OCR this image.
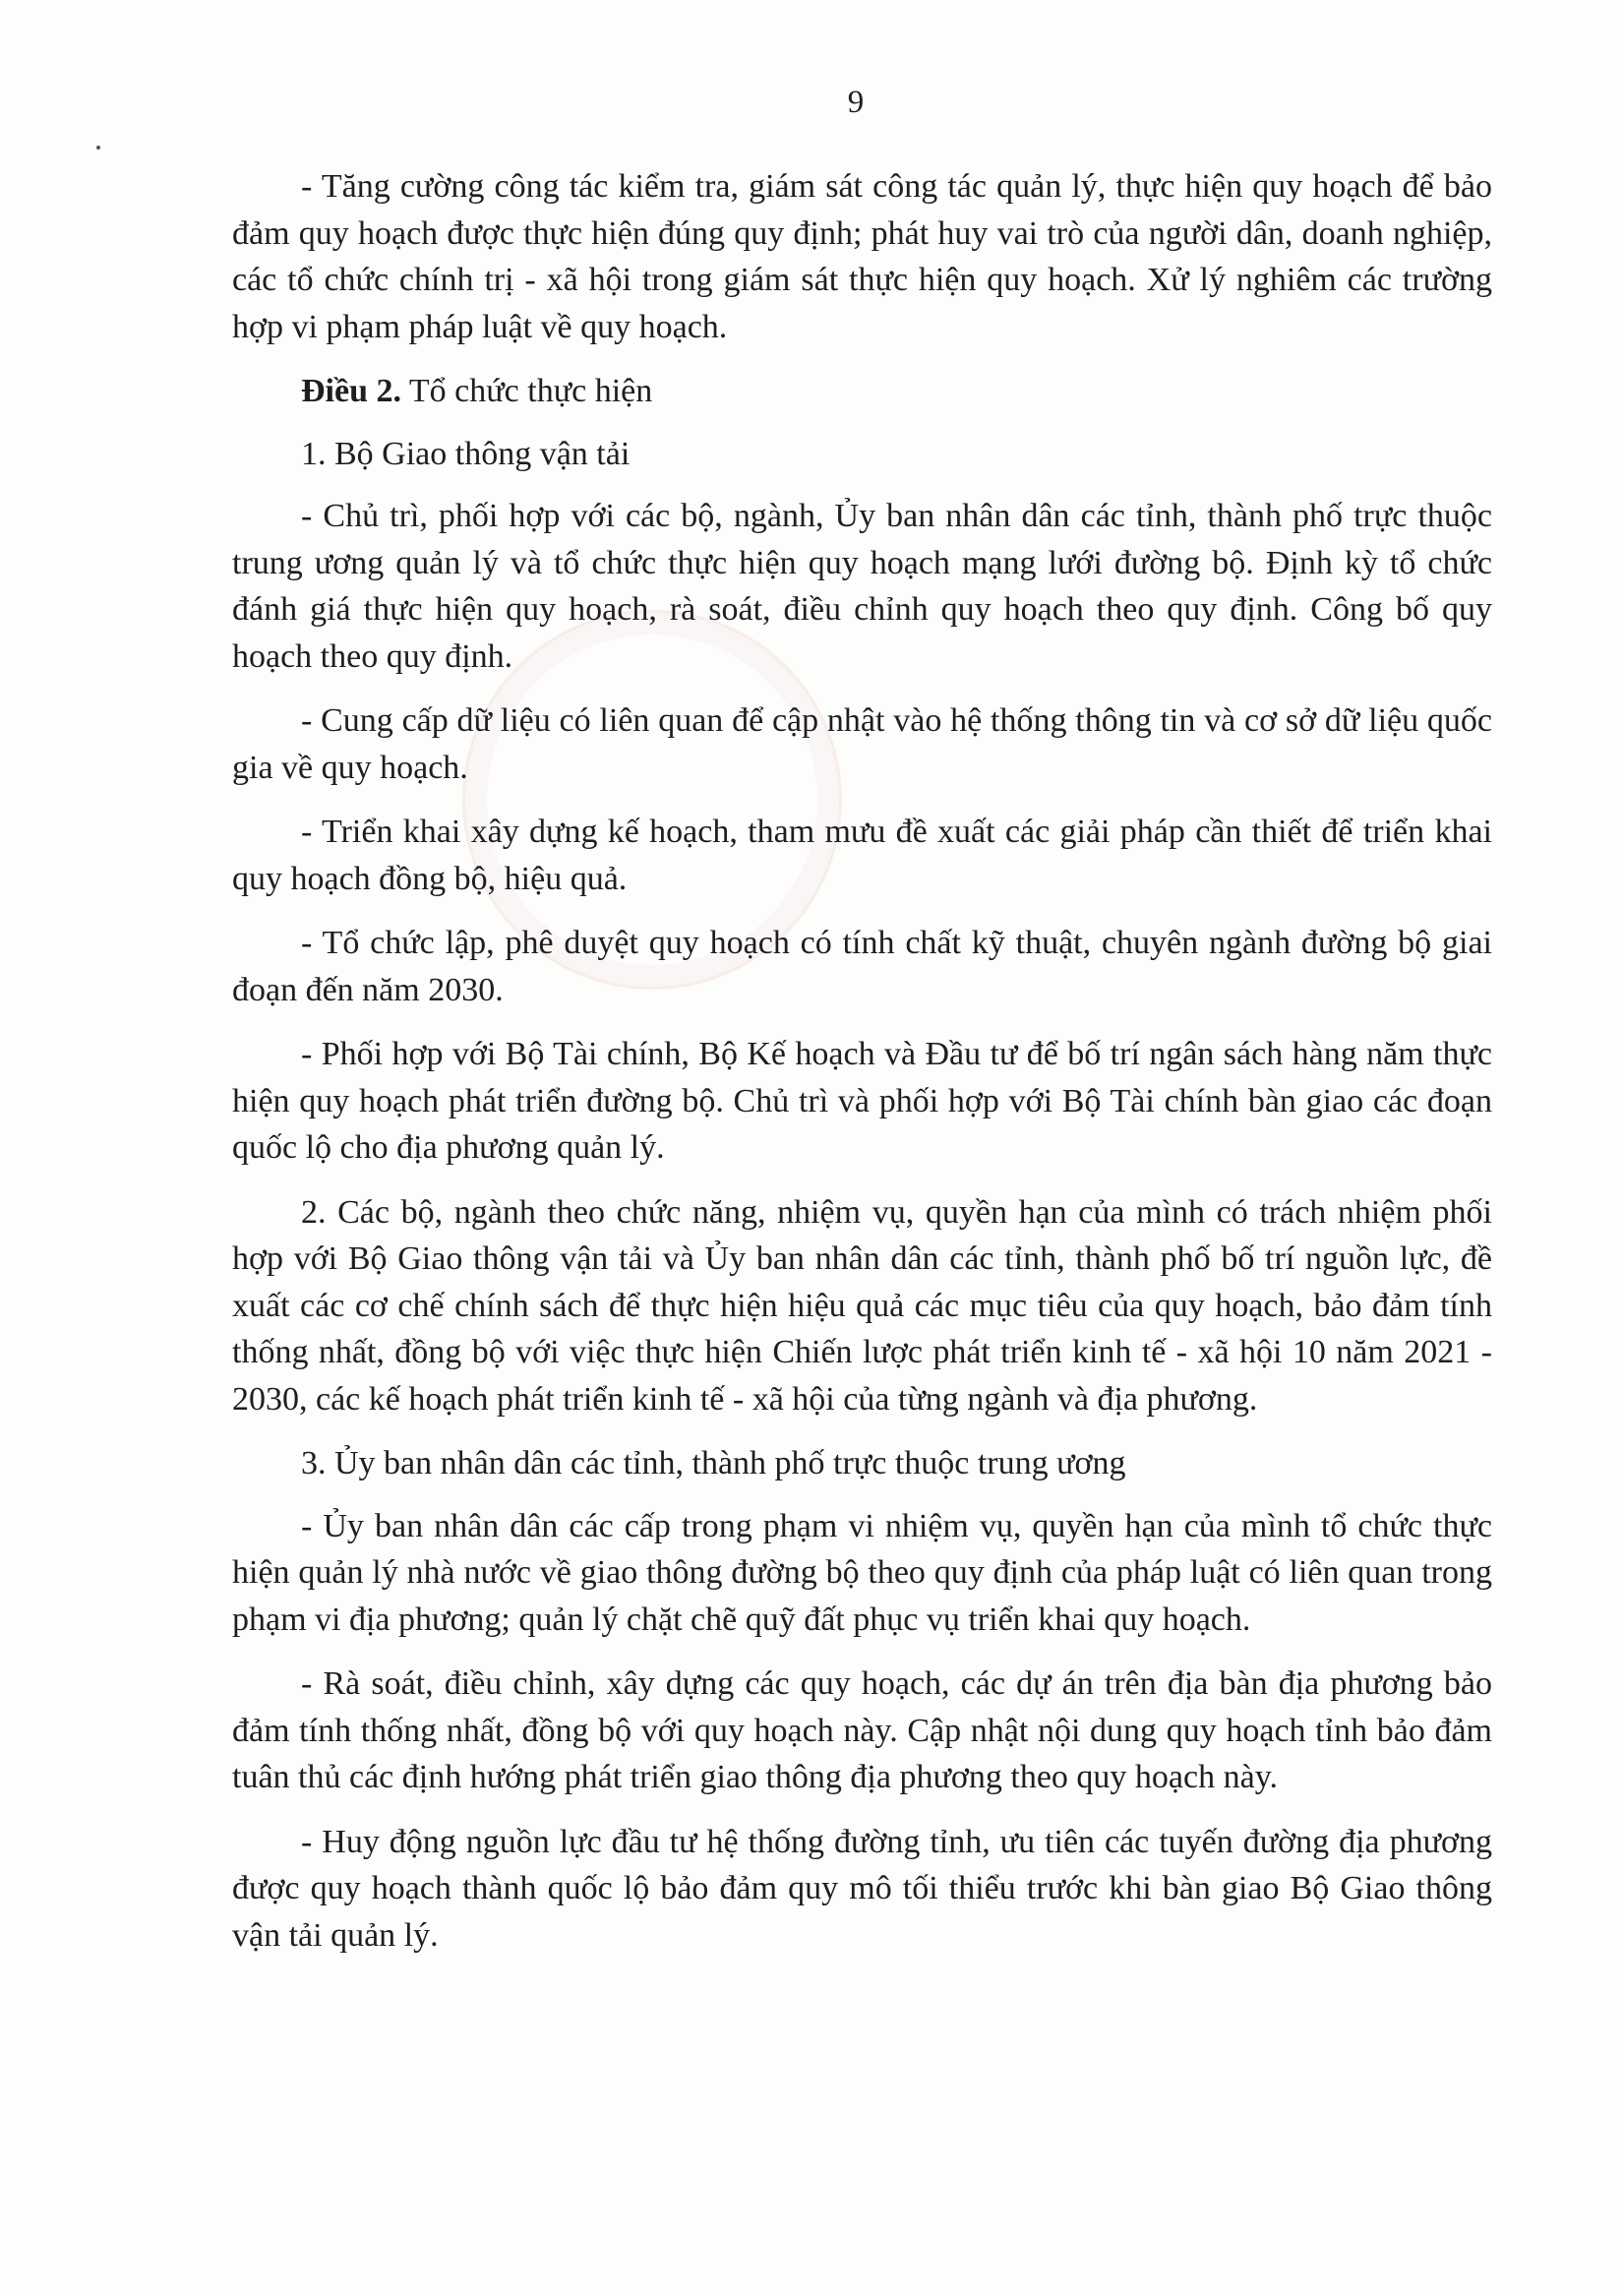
9

- Tăng cường công tác kiểm tra, giám sát công tác quản lý, thực hiện quy hoạch để bảo đảm quy hoạch được thực hiện đúng quy định; phát huy vai trò của người dân, doanh nghiệp, các tổ chức chính trị - xã hội trong giám sát thực hiện quy hoạch. Xử lý nghiêm các trường hợp vi phạm pháp luật về quy hoạch.

Điều 2. Tổ chức thực hiện

1. Bộ Giao thông vận tải

- Chủ trì, phối hợp với các bộ, ngành, Ủy ban nhân dân các tỉnh, thành phố trực thuộc trung ương quản lý và tổ chức thực hiện quy hoạch mạng lưới đường bộ. Định kỳ tổ chức đánh giá thực hiện quy hoạch, rà soát, điều chỉnh quy hoạch theo quy định. Công bố quy hoạch theo quy định.

- Cung cấp dữ liệu có liên quan để cập nhật vào hệ thống thông tin và cơ sở dữ liệu quốc gia về quy hoạch.

- Triển khai xây dựng kế hoạch, tham mưu đề xuất các giải pháp cần thiết để triển khai quy hoạch đồng bộ, hiệu quả.

- Tổ chức lập, phê duyệt quy hoạch có tính chất kỹ thuật, chuyên ngành đường bộ giai đoạn đến năm 2030.

- Phối hợp với Bộ Tài chính, Bộ Kế hoạch và Đầu tư để bố trí ngân sách hàng năm thực hiện quy hoạch phát triển đường bộ. Chủ trì và phối hợp với Bộ Tài chính bàn giao các đoạn quốc lộ cho địa phương quản lý.

2. Các bộ, ngành theo chức năng, nhiệm vụ, quyền hạn của mình có trách nhiệm phối hợp với Bộ Giao thông vận tải và Ủy ban nhân dân các tỉnh, thành phố bố trí nguồn lực, đề xuất các cơ chế chính sách để thực hiện hiệu quả các mục tiêu của quy hoạch, bảo đảm tính thống nhất, đồng bộ với việc thực hiện Chiến lược phát triển kinh tế - xã hội 10 năm 2021 - 2030, các kế hoạch phát triển kinh tế - xã hội của từng ngành và địa phương.

3. Ủy ban nhân dân các tỉnh, thành phố trực thuộc trung ương

- Ủy ban nhân dân các cấp trong phạm vi nhiệm vụ, quyền hạn của mình tổ chức thực hiện quản lý nhà nước về giao thông đường bộ theo quy định của pháp luật có liên quan trong phạm vi địa phương; quản lý chặt chẽ quỹ đất phục vụ triển khai quy hoạch.

- Rà soát, điều chỉnh, xây dựng các quy hoạch, các dự án trên địa bàn địa phương bảo đảm tính thống nhất, đồng bộ với quy hoạch này. Cập nhật nội dung quy hoạch tỉnh bảo đảm tuân thủ các định hướng phát triển giao thông địa phương theo quy hoạch này.

- Huy động nguồn lực đầu tư hệ thống đường tỉnh, ưu tiên các tuyến đường địa phương được quy hoạch thành quốc lộ bảo đảm quy mô tối thiểu trước khi bàn giao Bộ Giao thông vận tải quản lý.
